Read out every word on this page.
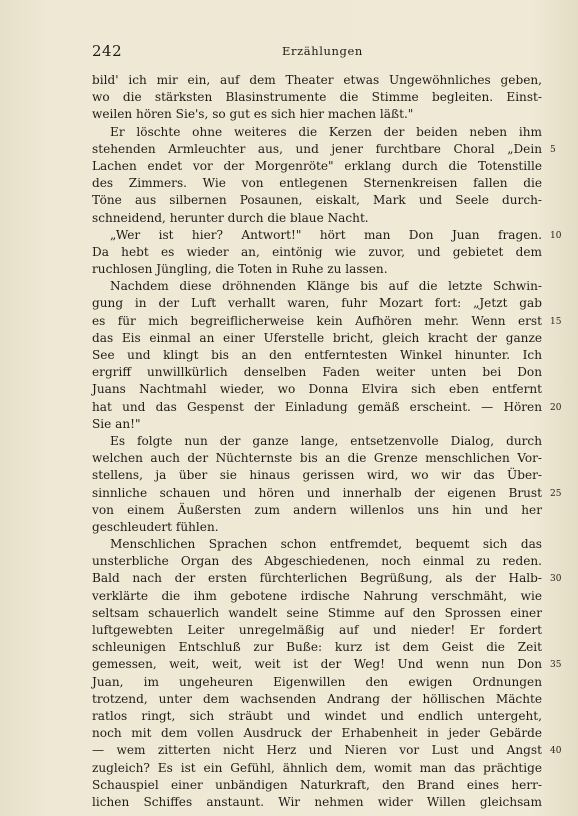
242	Erzählungen
bild' ich mir ein, auf dem Theater etwas Ungewöhnliches geben,
wo die stärksten Blasinstrumente die Stimme begleiten. Einst-
weilen hören Sie's, so gut es sich hier machen läßt."
Er löschte ohne weiteres die Kerzen der beiden neben ihm
stehenden Armleuchter aus, und jener furchtbare Choral „Dein 5
Lachen endet vor der Morgenröte" erklang durch die Totenstille
des Zimmers. Wie von entlegenen Sternenkreisen fallen die
Töne aus silbernen Posaunen, eiskalt, Mark und Seele durch-
schneidend, herunter durch die blaue Nacht.
„Wer ist hier? Antwort!" hört man Don Juan fragen. 10
Da hebt es wieder an, eintönig wie zuvor, und gebietet dem
ruchlosen Jüngling, die Toten in Ruhe zu lassen.
Nachdem diese dröhnenden Klänge bis auf die letzte Schwin-
gung in der Luft verhallt waren, fuhr Mozart fort: „Jetzt gab
es für mich begreiflicherweise kein Aufhören mehr. Wenn erst 15
das Eis einmal an einer Uferstelle bricht, gleich kracht der ganze
See und klingt bis an den entferntesten Winkel hinunter. Ich
ergriff unwillkürlich denselben Faden weiter unten bei Don
Juans Nachtmahl wieder, wo Donna Elvira sich eben entfernt
hat und das Gespenst der Einladung gemäß erscheint. — Hören 20
Sie an!"
Es folgte nun der ganze lange, entsetzenvolle Dialog, durch
welchen auch der Nüchternste bis an die Grenze menschlichen Vor-
stellens, ja über sie hinaus gerissen wird, wo wir das Über-
sinnliche schauen und hören und innerhalb der eigenen Brust 25
von einem Äußersten zum andern willenlos uns hin und her
geschleudert fühlen.
Menschlichen Sprachen schon entfremdet, bequemt sich das
unsterbliche Organ des Abgeschiedenen, noch einmal zu reden.
Bald nach der ersten fürchterlichen Begrüßung, als der Halb- 30
verklärte die ihm gebotene irdische Nahrung verschmäht, wie
seltsam schauerlich wandelt seine Stimme auf den Sprossen einer
luftgewebten Leiter unregelmäßig auf und nieder! Er fordert
schleunigen Entschluß zur Buße: kurz ist dem Geist die Zeit
gemessen, weit, weit, weit ist der Weg! Und wenn nun Don 35
Juan, im ungeheuren Eigenwillen den ewigen Ordnungen
trotzend, unter dem wachsenden Andrang der höllischen Mächte
ratlos ringt, sich sträubt und windet und endlich untergeht,
noch mit dem vollen Ausdruck der Erhabenheit in jeder Gebärde
— wem zitterten nicht Herz und Nieren vor Lust und Angst 40
zugleich? Es ist ein Gefühl, ähnlich dem, womit man das prächtige
Schauspiel einer unbändigen Naturkraft, den Brand eines herr-
lichen Schiffes anstaunt. Wir nehmen wider Willen gleichsam
